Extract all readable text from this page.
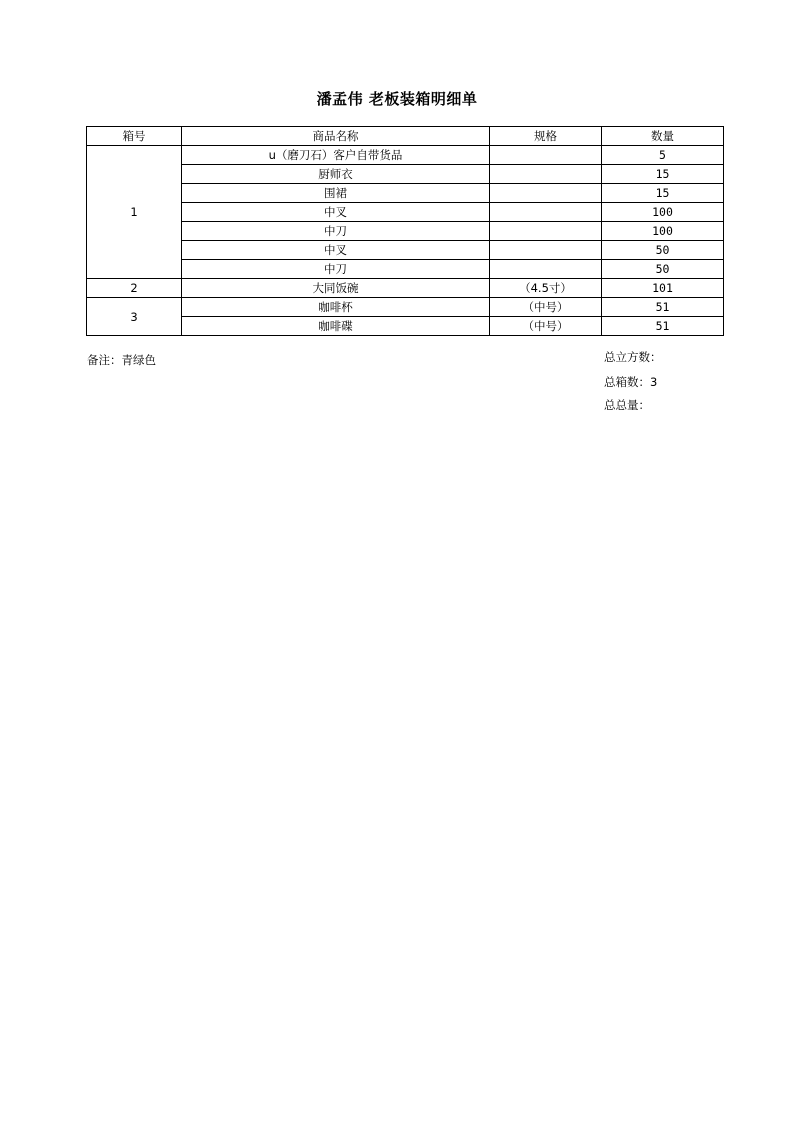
潘孟伟 老板装箱明细单
箱号	商品名称	规格	数量
1	u（磨刀石）客户自带货品		5
	厨师衣		15
	围裙		15
	中叉		100
	中刀		100
	中叉		50
	中刀		50
2	大同饭碗	（4.5寸）	101
3	咖啡杯	（中号）	51
	咖啡碟	（中号）	51
备注：青绿色	总立方数：
总箱数：3
总总量：
